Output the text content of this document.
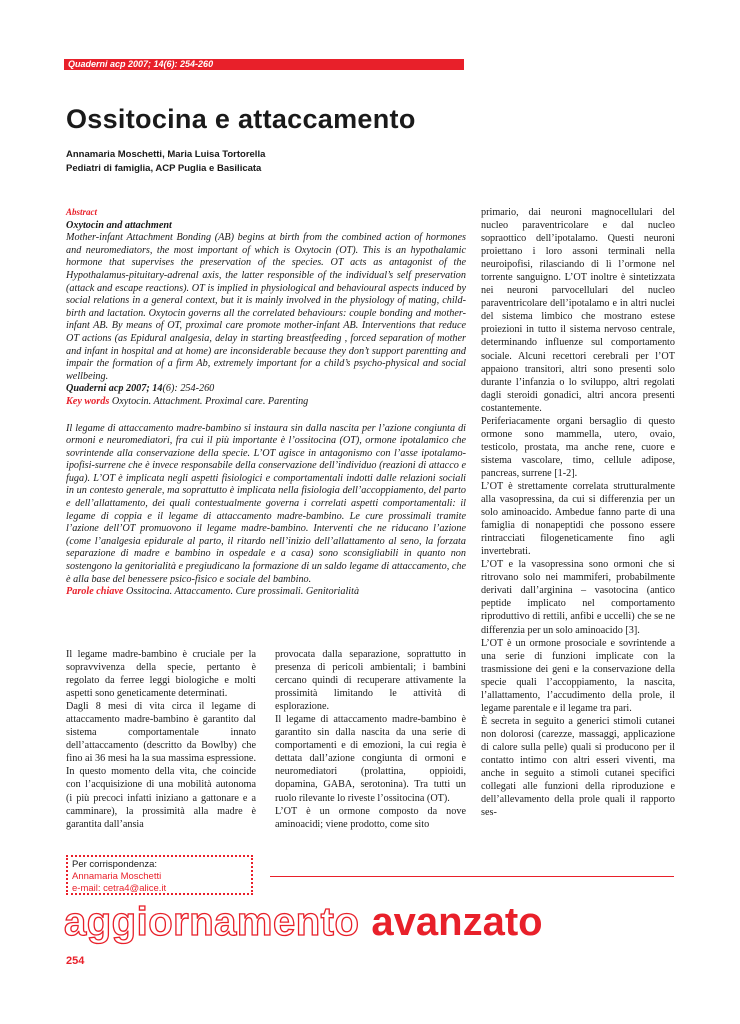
Quaderni acp 2007; 14(6): 254-260
Ossitocina e attaccamento
Annamaria Moschetti, Maria Luisa Tortorella
Pediatri di famiglia, ACP Puglia e Basilicata

Abstract

Oxytocin and attachment

Mother-infant Attachment Bonding (AB) begins at birth from the combined action of hormones and neuromediators, the most important of which is Oxytocin (OT). This is an hypothalamic hormone that supervises the preservation of the species. OT acts as antagonist of the Hypothalamus-pituitary-adrenal axis, the latter responsible of the individual’s self preservation (attack and escape reactions). OT is implied in physiological and behavioural aspects induced by social relations in a general context, but it is mainly involved in the physiology of mating, child-birth and lactation. Oxytocin governs all the correlated behaviours: couple bonding and mother-infant AB. By means of OT, proximal care promote mother-infant AB. Interventions that reduce OT actions (as Epidural analgesia, delay in starting breastfeeding , forced separation of mother and infant in hospital and at home) are inconsiderable because they don’t support parentting and impair the formation of a firm Ab, extremely important for a child’s psycho-physical and social wellbeing.

Quaderni acp 2007; 14(6): 254-260

Key words Oxytocin. Attachment. Proximal care. Parenting

Il legame di attaccamento madre-bambino si instaura sin dalla nascita per l’azione congiunta di ormoni e neuromediatori, fra cui il più importante è l’ossitocina (OT), ormone ipotalamico che sovrintende alla conservazione della specie. L’OT agisce in antagonismo con l’asse ipotalamo-ipofisi-surrene che è invece responsabile della conservazione dell’individuo (reazioni di attacco e fuga). L’OT è implicata negli aspetti fisiologici e comportamentali indotti dalle relazioni sociali in un contesto generale, ma soprattutto è implicata nella fisiologia dell’accoppiamento, del parto e dell’allattamento, dei quali contestualmente governa i correlati aspetti comportamentali: il legame di coppia e il legame di attaccamento madre-bambino. Le cure prossimali tramite l’azione dell’OT promuovono il legame madre-bambino. Interventi che ne riducano l’azione (come l’analgesia epidurale al parto, il ritardo nell’inizio dell’allattamento al seno, la forzata separazione di madre e bambino in ospedale e a casa) sono sconsigliabili in quanto non sostengono la genitorialità e pregiudicano la formazione di un saldo legame di attaccamento, che è alla base del benessere psico-fisico e sociale del bambino.

Parole chiave Ossitocina. Attaccamento. Cure prossimali. Genitorialità

primario, dai neuroni magnocellulari del nucleo paraventricolare e dal nucleo sopraottico dell’ipotalamo. Questi neuroni proiettano i loro assoni terminali nella neuroipofisi, rilasciando di lì l’ormone nel torrente sanguigno. L’OT inoltre è sintetizzata nei neuroni parvocellulari del nucleo paraventricolare dell’ipotalamo e in altri nuclei del sistema limbico che mostrano estese proiezioni in tutto il sistema nervoso centrale, determinando influenze sul comportamento sociale. Alcuni recettori cerebrali per l’OT appaiono transitori, altri sono presenti solo durante l’infanzia o lo sviluppo, altri regolati dagli steroidi gonadici, altri ancora presenti costantemente.

Periferiacamente organi bersaglio di questo ormone sono mammella, utero, ovaio, testicolo, prostata, ma anche rene, cuore e sistema vascolare, timo, cellule adipose, pancreas, surrene [1-2].

L’OT è strettamente correlata strutturalmente alla vasopressina, da cui si differenzia per un solo aminoacido. Ambedue fanno parte di una famiglia di nonapeptidi che possono essere rintracciati filogeneticamente fino agli invertebrati.

L’OT e la vasopressina sono ormoni che si ritrovano solo nei mammiferi, probabilmente derivati dall’arginina – vasotocina (antico peptide implicato nel comportamento riproduttivo di rettili, anfibi e uccelli) che se ne differenzia per un solo aminoacido [3].

L’OT è un ormone prosociale e sovrintende a una serie di funzioni implicate con la trasmissione dei geni e la conservazione della specie quali l’accoppiamento, la nascita, l’allattamento, l’accudimento della prole, il legame parentale e il legame tra pari.

È secreta in seguito a generici stimoli cutanei non dolorosi (carezze, massaggi, applicazione di calore sulla pelle) quali si producono per il contatto intimo con altri esseri viventi, ma anche in seguito a stimoli cutanei specifici collegati alle funzioni della riproduzione e dell’allevamento della prole quali il rapporto ses-

Il legame madre-bambino è cruciale per la sopravvivenza della specie, pertanto è regolato da ferree leggi biologiche e molti aspetti sono geneticamente determinati.

Dagli 8 mesi di vita circa il legame di attaccamento madre-bambino è garantito dal sistema comportamentale innato dell’attaccamento (descritto da Bowlby) che fino ai 36 mesi ha la sua massima espressione. In questo momento della vita, che coincide con l’acquisizione di una mobilità autonoma (i più precoci infatti iniziano a gattonare e a camminare), la prossimità alla madre è garantita dall’ansia

provocata dalla separazione, soprattutto in presenza di pericoli ambientali; i bambini cercano quindi di recuperare attivamente la prossimità limitando le attività di esplorazione.

Il legame di attaccamento madre-bambino è garantito sin dalla nascita da una serie di comportamenti e di emozioni, la cui regia è dettata dall’azione congiunta di ormoni e neuromediatori (prolattina, oppioidi, dopamina, GABA, serotonina). Tra tutti un ruolo rilevante lo riveste l’ossitocina (OT).

L’OT è un ormone composto da nove aminoacidi; viene prodotto, come sito

Per corrispondenza:
Annamaria Moschetti
e-mail: cetra4@alice.it
aggiornamento avanzato
254
